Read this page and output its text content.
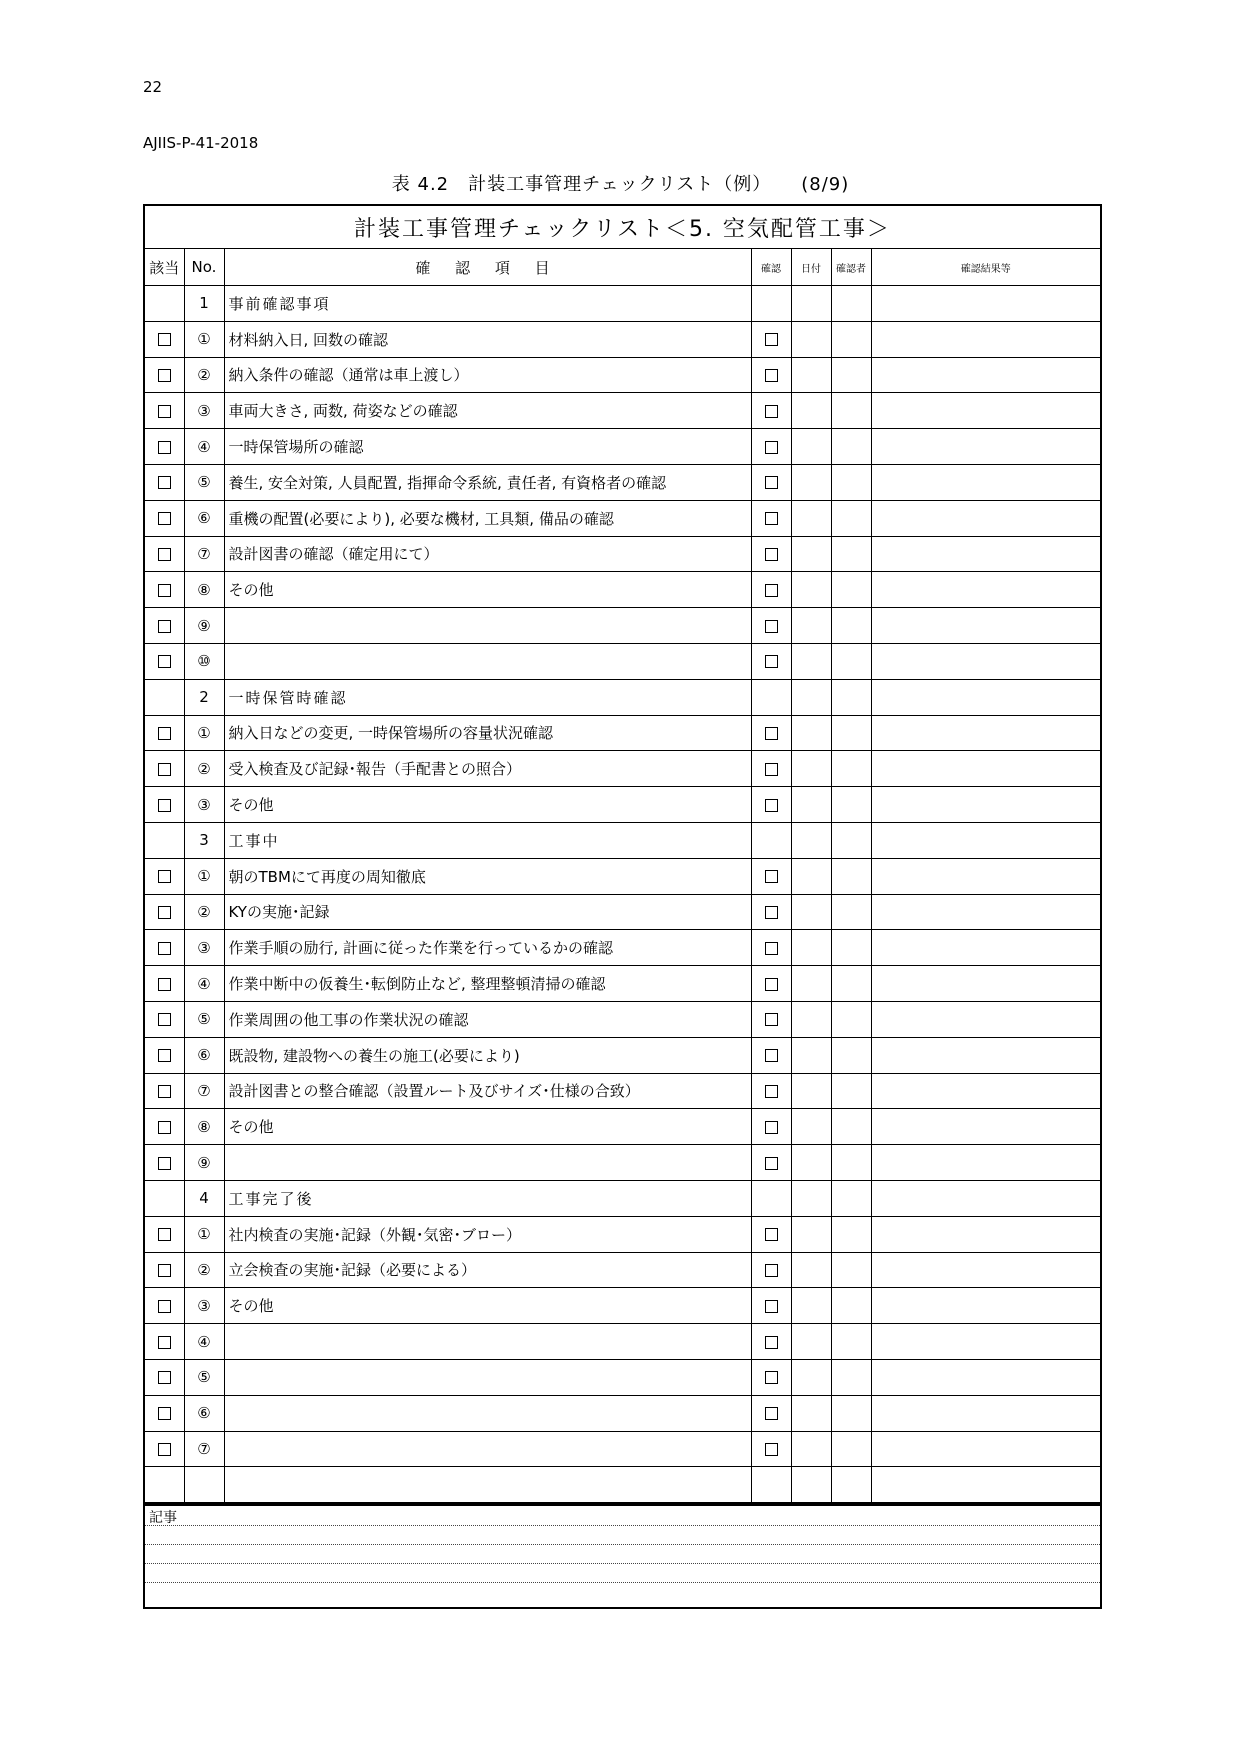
22
AJIIS-P-41-2018
表 4.2　計装工事管理チェックリスト（例） (8/9)
計装工事管理チェックリスト＜5. 空気配管工事＞						
該当	No.	確 認 項 目	確認	日付	確認者	確認結果等
	1	事前確認事項				
	①	材料納入日, 回数の確認				
	②	納入条件の確認（通常は車上渡し）				
	③	車両大きさ, 両数, 荷姿などの確認				
	④	一時保管場所の確認				
	⑤	養生, 安全対策, 人員配置, 指揮命令系統, 責任者, 有資格者の確認				
	⑥	重機の配置(必要により), 必要な機材, 工具類, 備品の確認				
	⑦	設計図書の確認（確定用にて）				
	⑧	その他				
	⑨					
	⑩					
	2	一時保管時確認				
	①	納入日などの変更, 一時保管場所の容量状況確認				
	②	受入検査及び記録･報告（手配書との照合）				
	③	その他				
	3	工事中				
	①	朝のTBMにて再度の周知徹底				
	②	KYの実施･記録				
	③	作業手順の励行, 計画に従った作業を行っているかの確認				
	④	作業中断中の仮養生･転倒防止など, 整理整頓清掃の確認				
	⑤	作業周囲の他工事の作業状況の確認				
	⑥	既設物, 建設物への養生の施工(必要により)				
	⑦	設計図書との整合確認（設置ルート及びサイズ･仕様の合致）				
	⑧	その他				
	⑨					
	4	工事完了後				
	①	社内検査の実施･記録（外観･気密･ブロー）				
	②	立会検査の実施･記録（必要による）				
	③	その他				
	④					
	⑤					
	⑥					
	⑦					

記事
